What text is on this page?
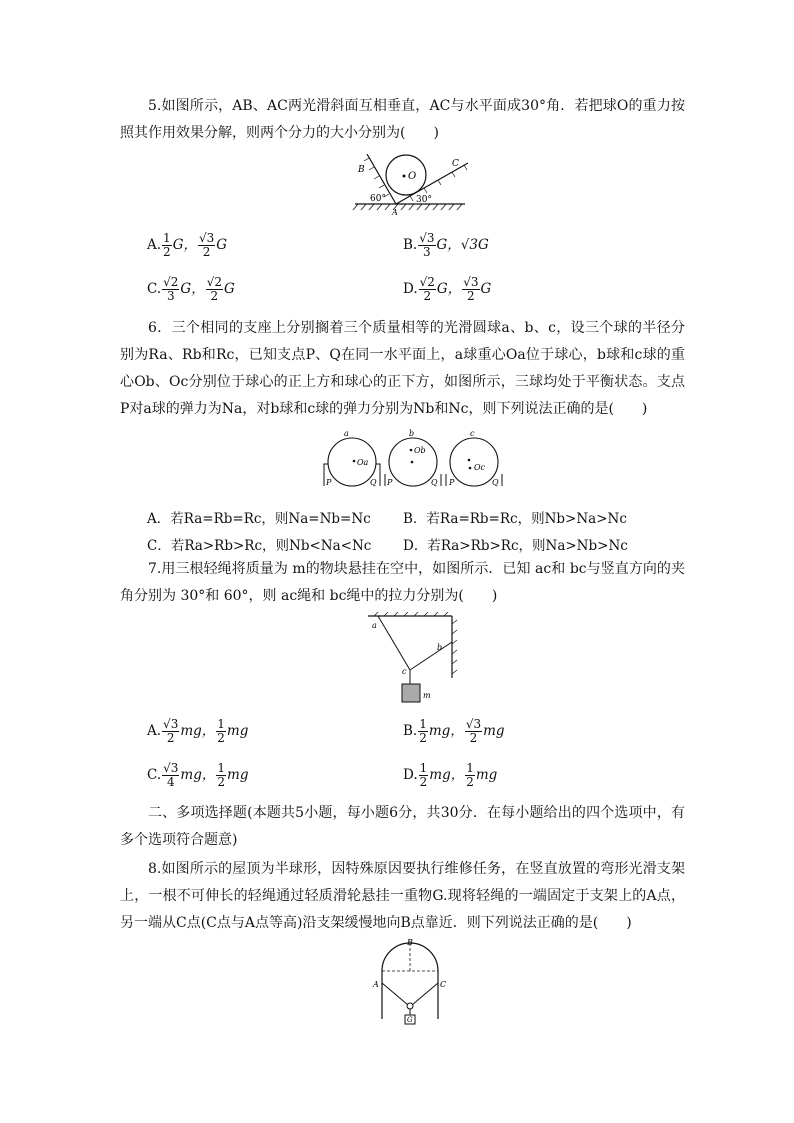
5.如图所示，AB、AC两光滑斜面互相垂直，AC与水平面成30°角．若把球O的重力按照其作用效果分解，则两个分力的大小分别为(　　)
O
B
C
A
60°	30°
A. $\frac{1}{2}$ G， $\frac{√3}{2}$ G	B. $\frac{√3}{3}$ G，√3G
C. $\frac{√2}{3}$ G， $\frac{√2}{2}$ G	D. $\frac{√2}{2}$ G， $\frac{√3}{2}$ G
6．三个相同的支座上分别搁着三个质量相等的光滑圆球a、b、c，设三个球的半径分别为Ra、Rb和Rc，已知支点P、Q在同一水平面上，a球重心Oa位于球心，b球和c球的重心Ob、Oc分别位于球心的正上方和球心的正下方，如图所示，三球均处于平衡状态。支点P对a球的弹力为Na，对b球和c球的弹力分别为Nb和Nc，则下列说法正确的是(　　)
Oa
a
P	Q
Ob
b
P	Q
Oc
c
P	Q
A．若Ra=Rb=Rc，则Na=Nb=Nc B．若Ra=Rb=Rc，则Nb>Na>Nc
C．若Ra>Rb>Rc，则Nb<Na<Nc D．若Ra>Rb>Rc，则Na>Nb>Nc
7.用三根轻绳将质量为 m的物块悬挂在空中，如图所示．已知 ac和 bc与竖直方向的夹角分别为 30°和 60°，则 ac绳和 bc绳中的拉力分别为(　　)
a
b
c
m
A. $\frac{√3}{2}$ mg， $\frac{1}{2}$ mg	B. $\frac{1}{2}$ mg， $\frac{√3}{2}$ mg
C. $\frac{√3}{4}$ mg， $\frac{1}{2}$ mg	D. $\frac{1}{2}$ mg， $\frac{1}{2}$ mg
二、多项选择题(本题共5小题，每小题6分，共30分．在每小题给出的四个选项中，有多个选项符合题意)
8.如图所示的屋顶为半球形，因特殊原因要执行维修任务，在竖直放置的弯形光滑支架上，一根不可伸长的轻绳通过轻质滑轮悬挂一重物G.现将轻绳的一端固定于支架上的A点，另一端从C点(C点与A点等高)沿支架缓慢地向B点靠近．则下列说法正确的是(　　)
G
B
A	C
